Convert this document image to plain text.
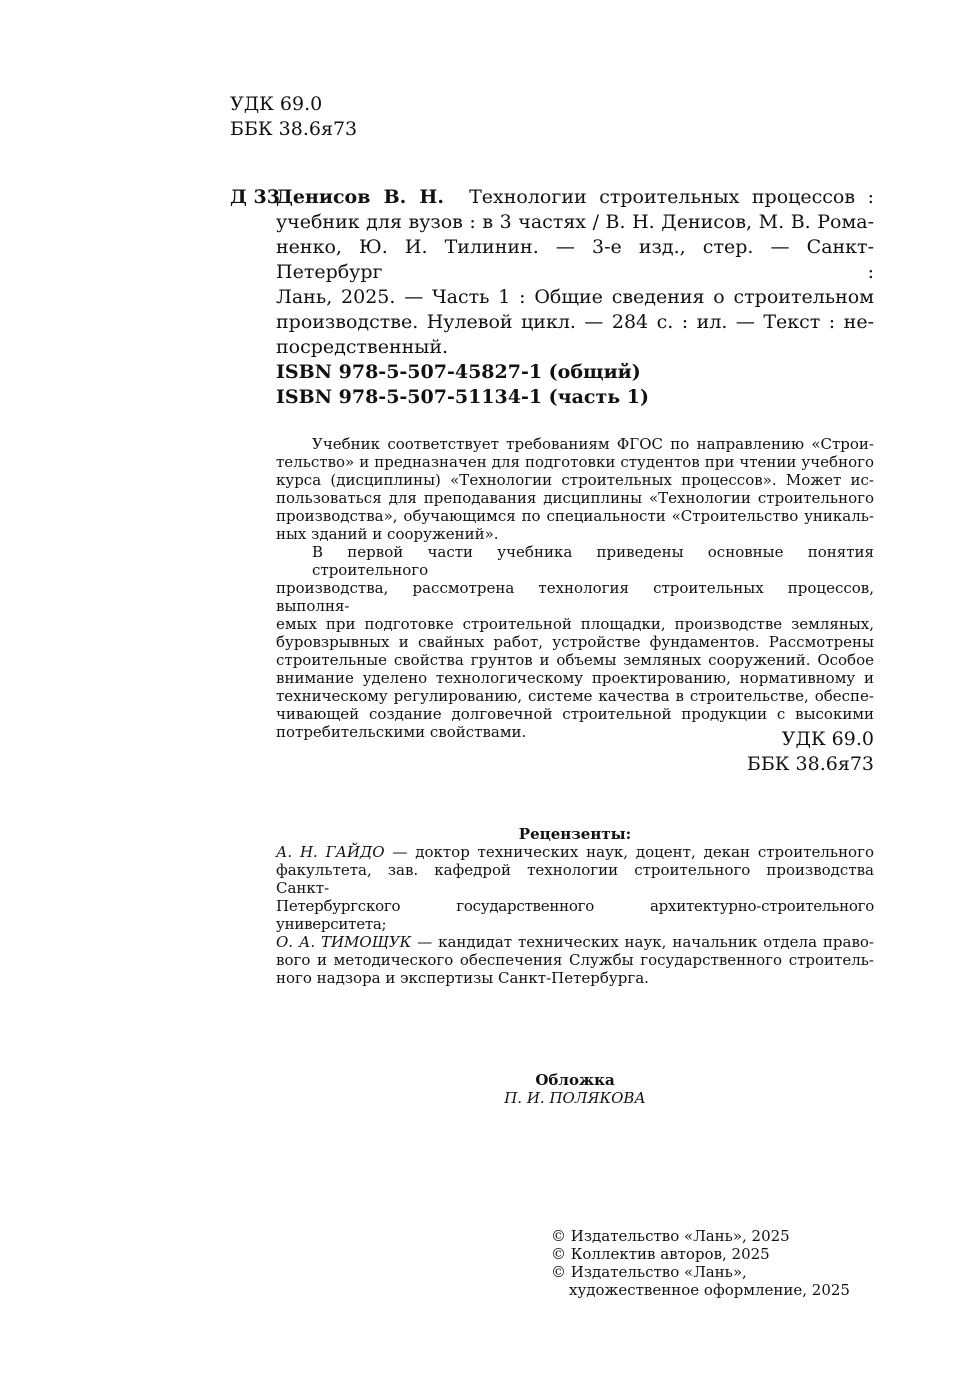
УДК 69.0
ББК 38.6я73
Д 33
Денисов В. Н. Технологии строительных процессов :
учебник для вузов : в 3 частях / В. Н. Денисов, М. В. Рома-
ненко, Ю. И. Тилинин. — 3-е изд., стер. — Санкт-Петербург :
Лань, 2025. — Часть 1 : Общие сведения о строительном
производстве. Нулевой цикл. — 284 с. : ил. — Текст : не-
посредственный.
ISBN 978-5-507-45827-1 (общий)
ISBN 978-5-507-51134-1 (часть 1)
Учебник соответствует требованиям ФГОС по направлению «Строи-
тельство» и предназначен для подготовки студентов при чтении учебного
курса (дисциплины) «Технологии строительных процессов». Может ис-
пользоваться для преподавания дисциплины «Технологии строительного
производства», обучающимся по специальности «Строительство уникаль-
ных зданий и сооружений».
В первой части учебника приведены основные понятия строительного
производства, рассмотрена технология строительных процессов, выполня-
емых при подготовке строительной площадки, производстве земляных,
буровзрывных и свайных работ, устройстве фундаментов. Рассмотрены
строительные свойства грунтов и объемы земляных сооружений. Особое
внимание уделено технологическому проектированию, нормативному и
техническому регулированию, системе качества в строительстве, обеспе-
чивающей создание долговечной строительной продукции с высокими
потребительскими свойствами.	УДК 69.0
ББК 38.6я73
Рецензенты:
А. Н. ГАЙДО — доктор технических наук, доцент, декан строительного
факультета, зав. кафедрой технологии строительного производства Санкт-
Петербургского государственного архитектурно-строительного университета;
О. А. ТИМОЩУК — кандидат технических наук, начальник отдела право-
вого и методического обеспечения Службы государственного строитель-
ного надзора и экспертизы Санкт-Петербурга.
Обложка
П. И. ПОЛЯКОВА
© Издательство «Лань», 2025
© Коллектив авторов, 2025
© Издательство «Лань»,
художественное оформление, 2025
